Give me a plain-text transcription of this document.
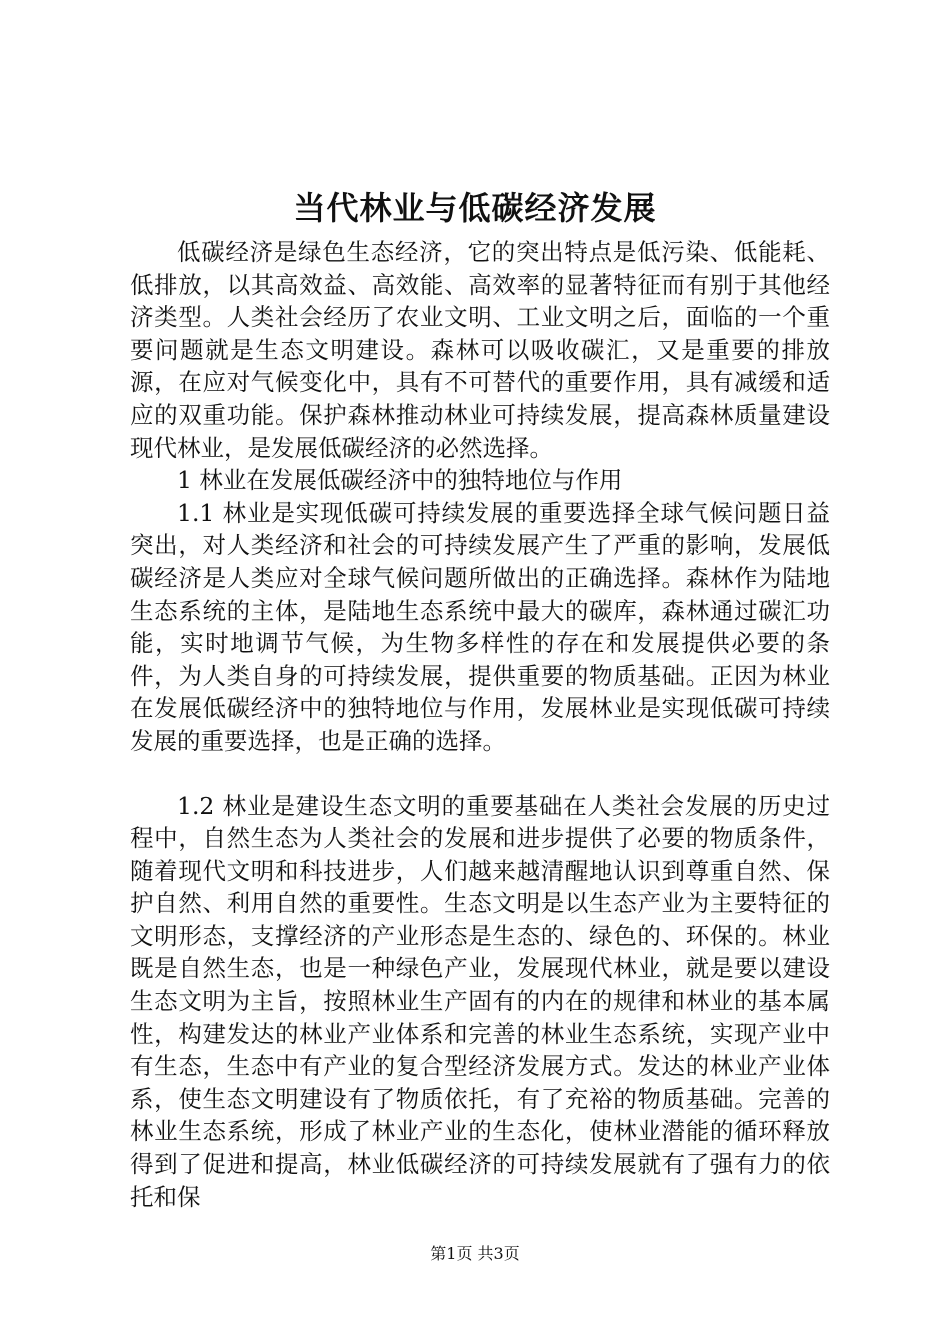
当代林业与低碳经济发展

低碳经济是绿色生态经济，它的突出特点是低污染、低能耗、低排放，以其高效益、高效能、高效率的显著特征而有别于其他经济类型。人类社会经历了农业文明、工业文明之后，面临的一个重要问题就是生态文明建设。森林可以吸收碳汇，又是重要的排放源，在应对气候变化中，具有不可替代的重要作用，具有减缓和适应的双重功能。保护森林推动林业可持续发展，提高森林质量建设现代林业，是发展低碳经济的必然选择。

1 林业在发展低碳经济中的独特地位与作用

1.1 林业是实现低碳可持续发展的重要选择全球气候问题日益突出，对人类经济和社会的可持续发展产生了严重的影响，发展低碳经济是人类应对全球气候问题所做出的正确选择。森林作为陆地生态系统的主体，是陆地生态系统中最大的碳库，森林通过碳汇功能，实时地调节气候，为生物多样性的存在和发展提供必要的条件，为人类自身的可持续发展，提供重要的物质基础。正因为林业在发展低碳经济中的独特地位与作用，发展林业是实现低碳可持续发展的重要选择，也是正确的选择。

1.2 林业是建设生态文明的重要基础在人类社会发展的历史过程中，自然生态为人类社会的发展和进步提供了必要的物质条件，随着现代文明和科技进步，人们越来越清醒地认识到尊重自然、保护自然、利用自然的重要性。生态文明是以生态产业为主要特征的文明形态，支撑经济的产业形态是生态的、绿色的、环保的。林业既是自然生态，也是一种绿色产业，发展现代林业，就是要以建设生态文明为主旨，按照林业生产固有的内在的规律和林业的基本属性，构建发达的林业产业体系和完善的林业生态系统，实现产业中有生态，生态中有产业的复合型经济发展方式。发达的林业产业体系，使生态文明建设有了物质依托，有了充裕的物质基础。完善的林业生态系统，形成了林业产业的生态化，使林业潜能的循环释放得到了促进和提高，林业低碳经济的可持续发展就有了强有力的依托和保

第1页 共3页
